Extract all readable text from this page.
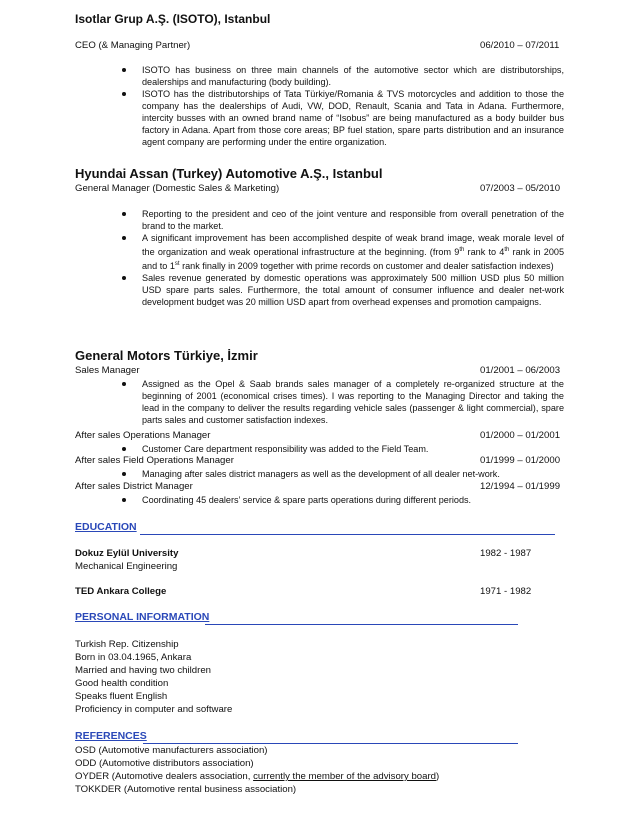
Isotlar Grup A.Ş. (ISOTO), Istanbul
CEO (& Managing Partner)	06/2010 – 07/2011
ISOTO has business on three main channels of the automotive sector which are distributorships, dealerships and manufacturing (body building).
ISOTO has the distributorships of Tata Türkiye/Romania & TVS motorcycles and addition to those the company has the dealerships of Audi, VW, DOD, Renault, Scania and Tata in Adana. Furthermore, intercity busses with an owned brand name of “Isobus” are being manufactured as a body builder bus factory in Adana. Apart from those core areas; BP fuel station, spare parts distribution and an insurance agent company are performing under the entire organization.
Hyundai Assan (Turkey) Automotive A.Ş., Istanbul
General Manager (Domestic Sales & Marketing)	07/2003 – 05/2010
Reporting to the president and ceo of the joint venture and responsible from overall penetration of the brand to the market.
A significant improvement has been accomplished despite of weak brand image, weak morale level of the organization and weak operational infrastructure at the beginning. (from 9th rank to 4th rank in 2005 and to 1st rank finally in 2009 together with prime records on customer and dealer satisfaction indexes)
Sales revenue generated by domestic operations was approximately 500 million USD plus 50 million USD spare parts sales. Furthermore, the total amount of consumer influence and dealer net-work development budget was 20 million USD apart from overhead expenses and promotion campaigns.
General Motors Türkiye, İzmir
Sales Manager	01/2001 – 06/2003
Assigned as the Opel & Saab brands sales manager of a completely re-organized structure at the beginning of 2001 (economical crises times). I was reporting to the Managing Director and taking the lead in the company to deliver the results regarding vehicle sales (passenger & light commercial), spare parts sales and customer satisfaction indexes.
After sales Operations Manager	01/2000 – 01/2001
Customer Care department responsibility was added to the Field Team.
After sales Field Operations Manager	01/1999 – 01/2000
Managing after sales district managers as well as the development of all dealer net-work.
After sales District Manager	12/1994 – 01/1999
Coordinating 45 dealers’ service & spare parts operations during different periods.
EDUCATION
Dokuz Eylül University	1982 - 1987
Mechanical Engineering
TED Ankara College	1971 - 1982
PERSONAL INFORMATION
Turkish Rep. Citizenship
Born in 03.04.1965, Ankara
Married and having two children
Good health condition
Speaks fluent English
Proficiency in computer and software
REFERENCES
OSD (Automotive manufacturers association)
ODD (Automotive distributors association)
OYDER (Automotive dealers association, currently the member of the advisory board)
TOKKDER (Automotive rental business association)
